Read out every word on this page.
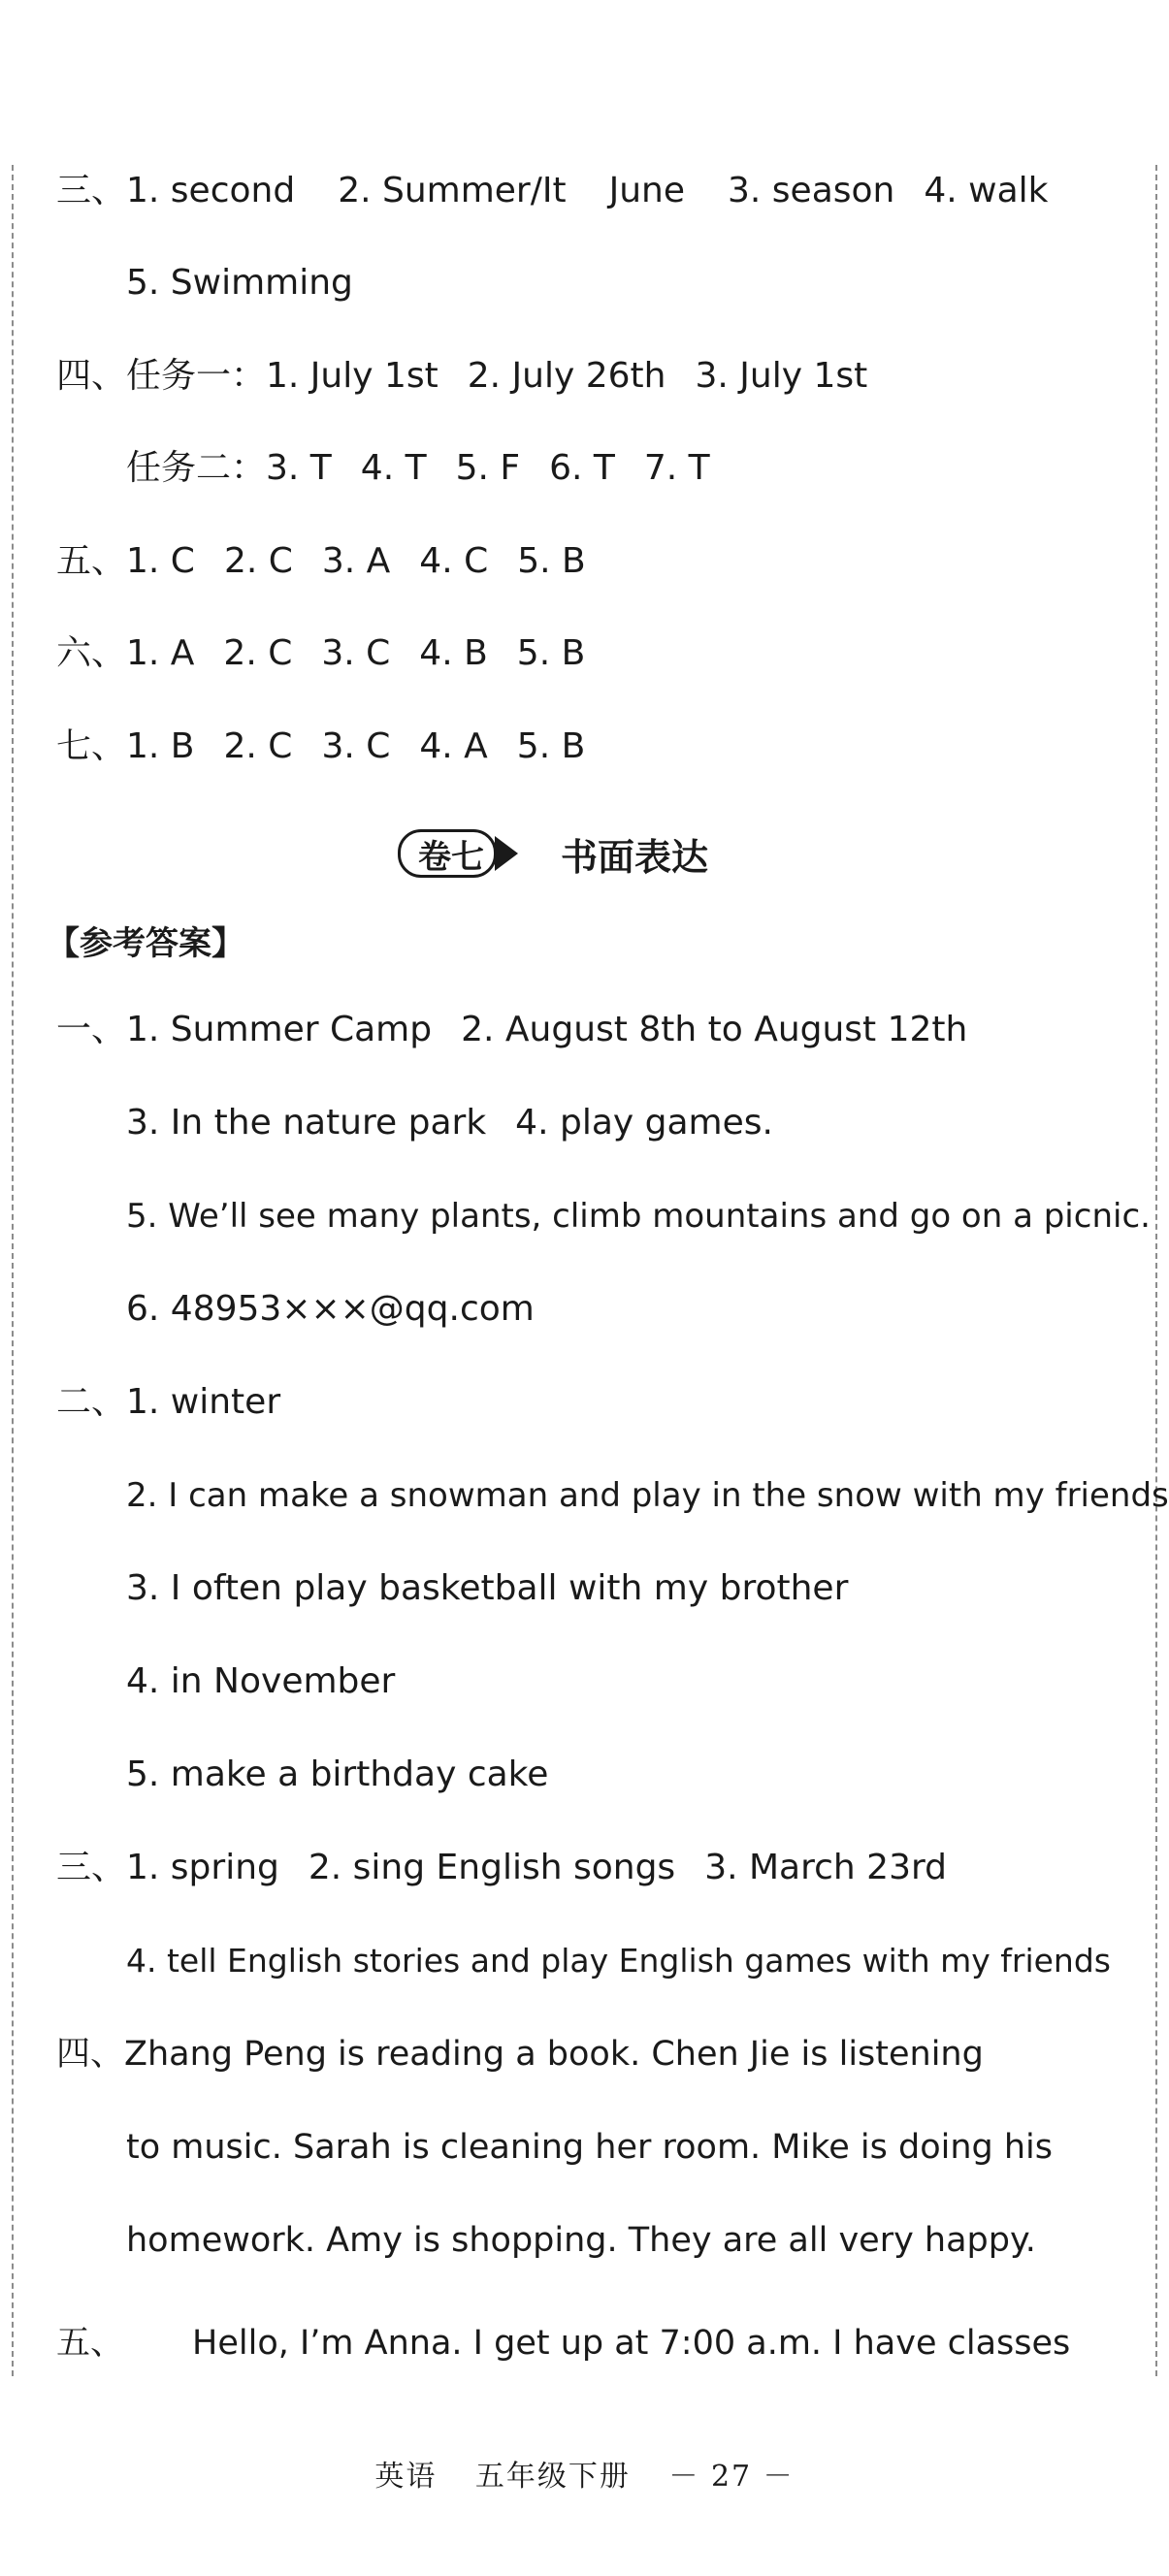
三、1. second 2. Summer/It June 3. season 4. walk
5. Swimming
四、任务一：1. July 1st 2. July 26th 3. July 1st
任务二：3. T 4. T 5. F 6. T 7. T
五、1. C 2. C 3. A 4. C 5. B
六、1. A 2. C 3. C 4. B 5. B
七、1. B 2. C 3. C 4. A 5. B
卷七 书面表达
【参考答案】
一、1. Summer Camp 2. August 8th to August 12th
3. In the nature park 4. play games.
5. We’ll see many plants, climb mountains and go on a picnic.
6. 48953×××@qq.com
二、1. winter
2. I can make a snowman and play in the snow with my friends
3. I often play basketball with my brother
4. in November
5. make a birthday cake
三、1. spring 2. sing English songs 3. March 23rd
4. tell English stories and play English games with my friends
四、Zhang Peng is reading a book. Chen Jie is listening
to music. Sarah is cleaning her room. Mike is doing his
homework. Amy is shopping. They are all very happy.
五、 Hello, I’m Anna. I get up at 7:00 a.m. I have classes
英语 五年级下册 － 27 －
